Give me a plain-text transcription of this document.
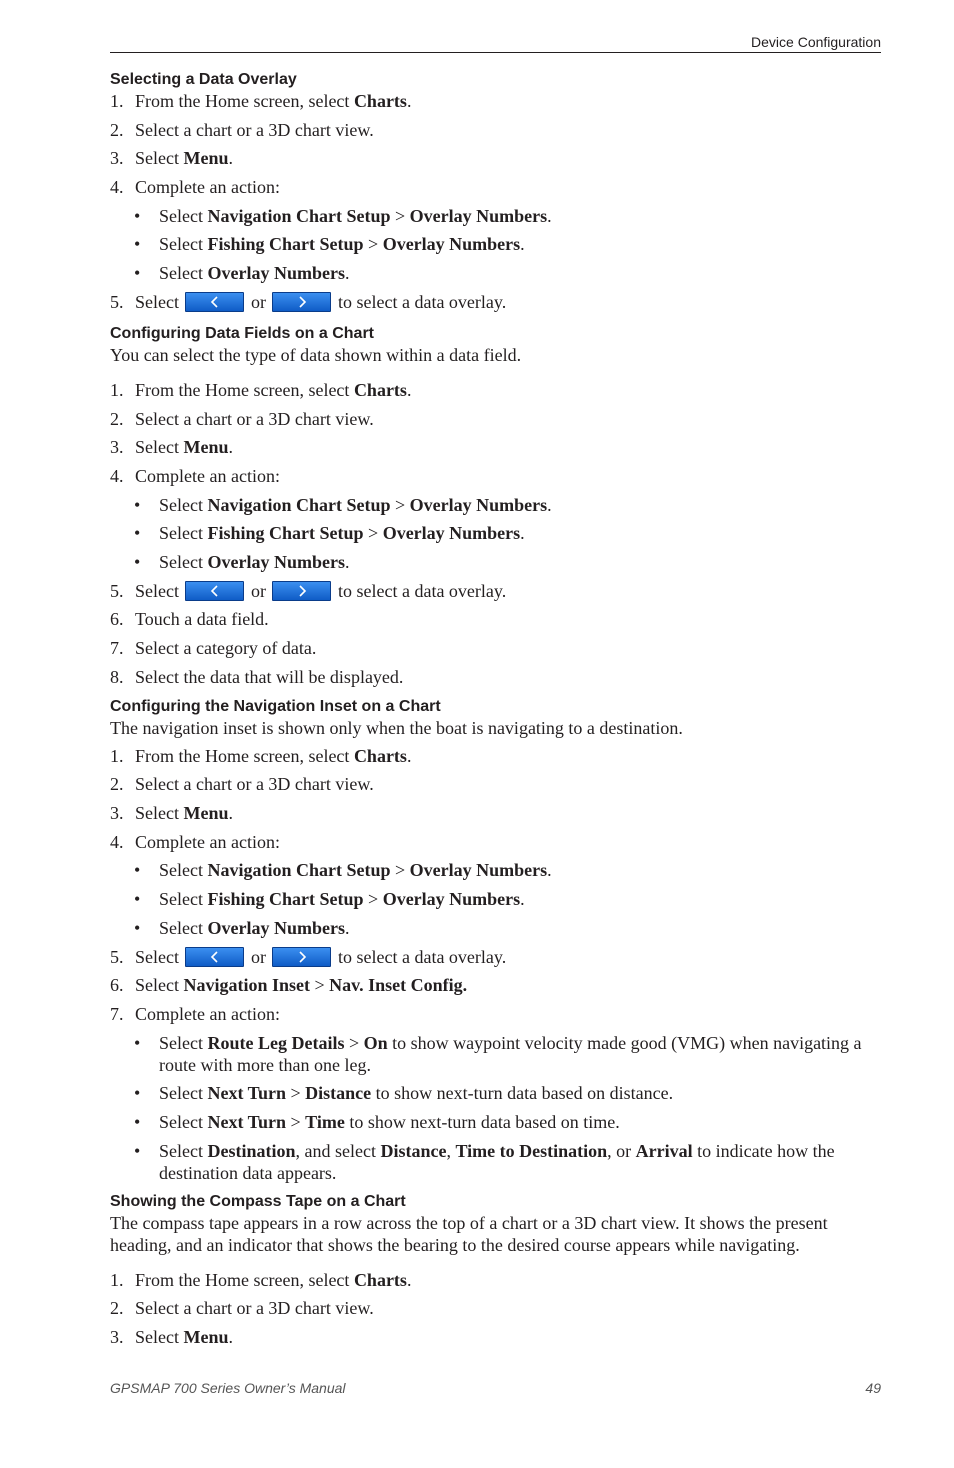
Device Configuration
Selecting a Data Overlay
1. From the Home screen, select Charts.
2. Select a chart or a 3D chart view.
3. Select Menu.
4. Complete an action:
• Select Navigation Chart Setup > Overlay Numbers.
• Select Fishing Chart Setup > Overlay Numbers.
• Select Overlay Numbers.
5. Select	or	to select a data overlay.
Configuring Data Fields on a Chart

You can select the type of data shown within a data field.

1. From the Home screen, select Charts.
2. Select a chart or a 3D chart view.
3. Select Menu.
4. Complete an action:
• Select Navigation Chart Setup > Overlay Numbers.
• Select Fishing Chart Setup > Overlay Numbers.
• Select Overlay Numbers.
5. Select	or	to select a data overlay.
6. Touch a data field.
7. Select a category of data.
8. Select the data that will be displayed.
Configuring the Navigation Inset on a Chart

The navigation inset is shown only when the boat is navigating to a destination.

1. From the Home screen, select Charts.
2. Select a chart or a 3D chart view.
3. Select Menu.
4. Complete an action:
• Select Navigation Chart Setup > Overlay Numbers.
• Select Fishing Chart Setup > Overlay Numbers.
• Select Overlay Numbers.
5. Select	or	to select a data overlay.
6. Select Navigation Inset > Nav. Inset Config.
7. Complete an action:
• Select Route Leg Details > On to show waypoint velocity made good (VMG) when navigating a route with more than one leg.
• Select Next Turn > Distance to show next-turn data based on distance.
• Select Next Turn > Time to show next-turn data based on time.
• Select Destination, and select Distance, Time to Destination, or Arrival to indicate how the destination data appears.
Showing the Compass Tape on a Chart

The compass tape appears in a row across the top of a chart or a 3D chart view. It shows the present heading, and an indicator that shows the bearing to the desired course appears while navigating.

1. From the Home screen, select Charts.
2. Select a chart or a 3D chart view.
3. Select Menu.
GPSMAP 700 Series Owner’s Manual	49
